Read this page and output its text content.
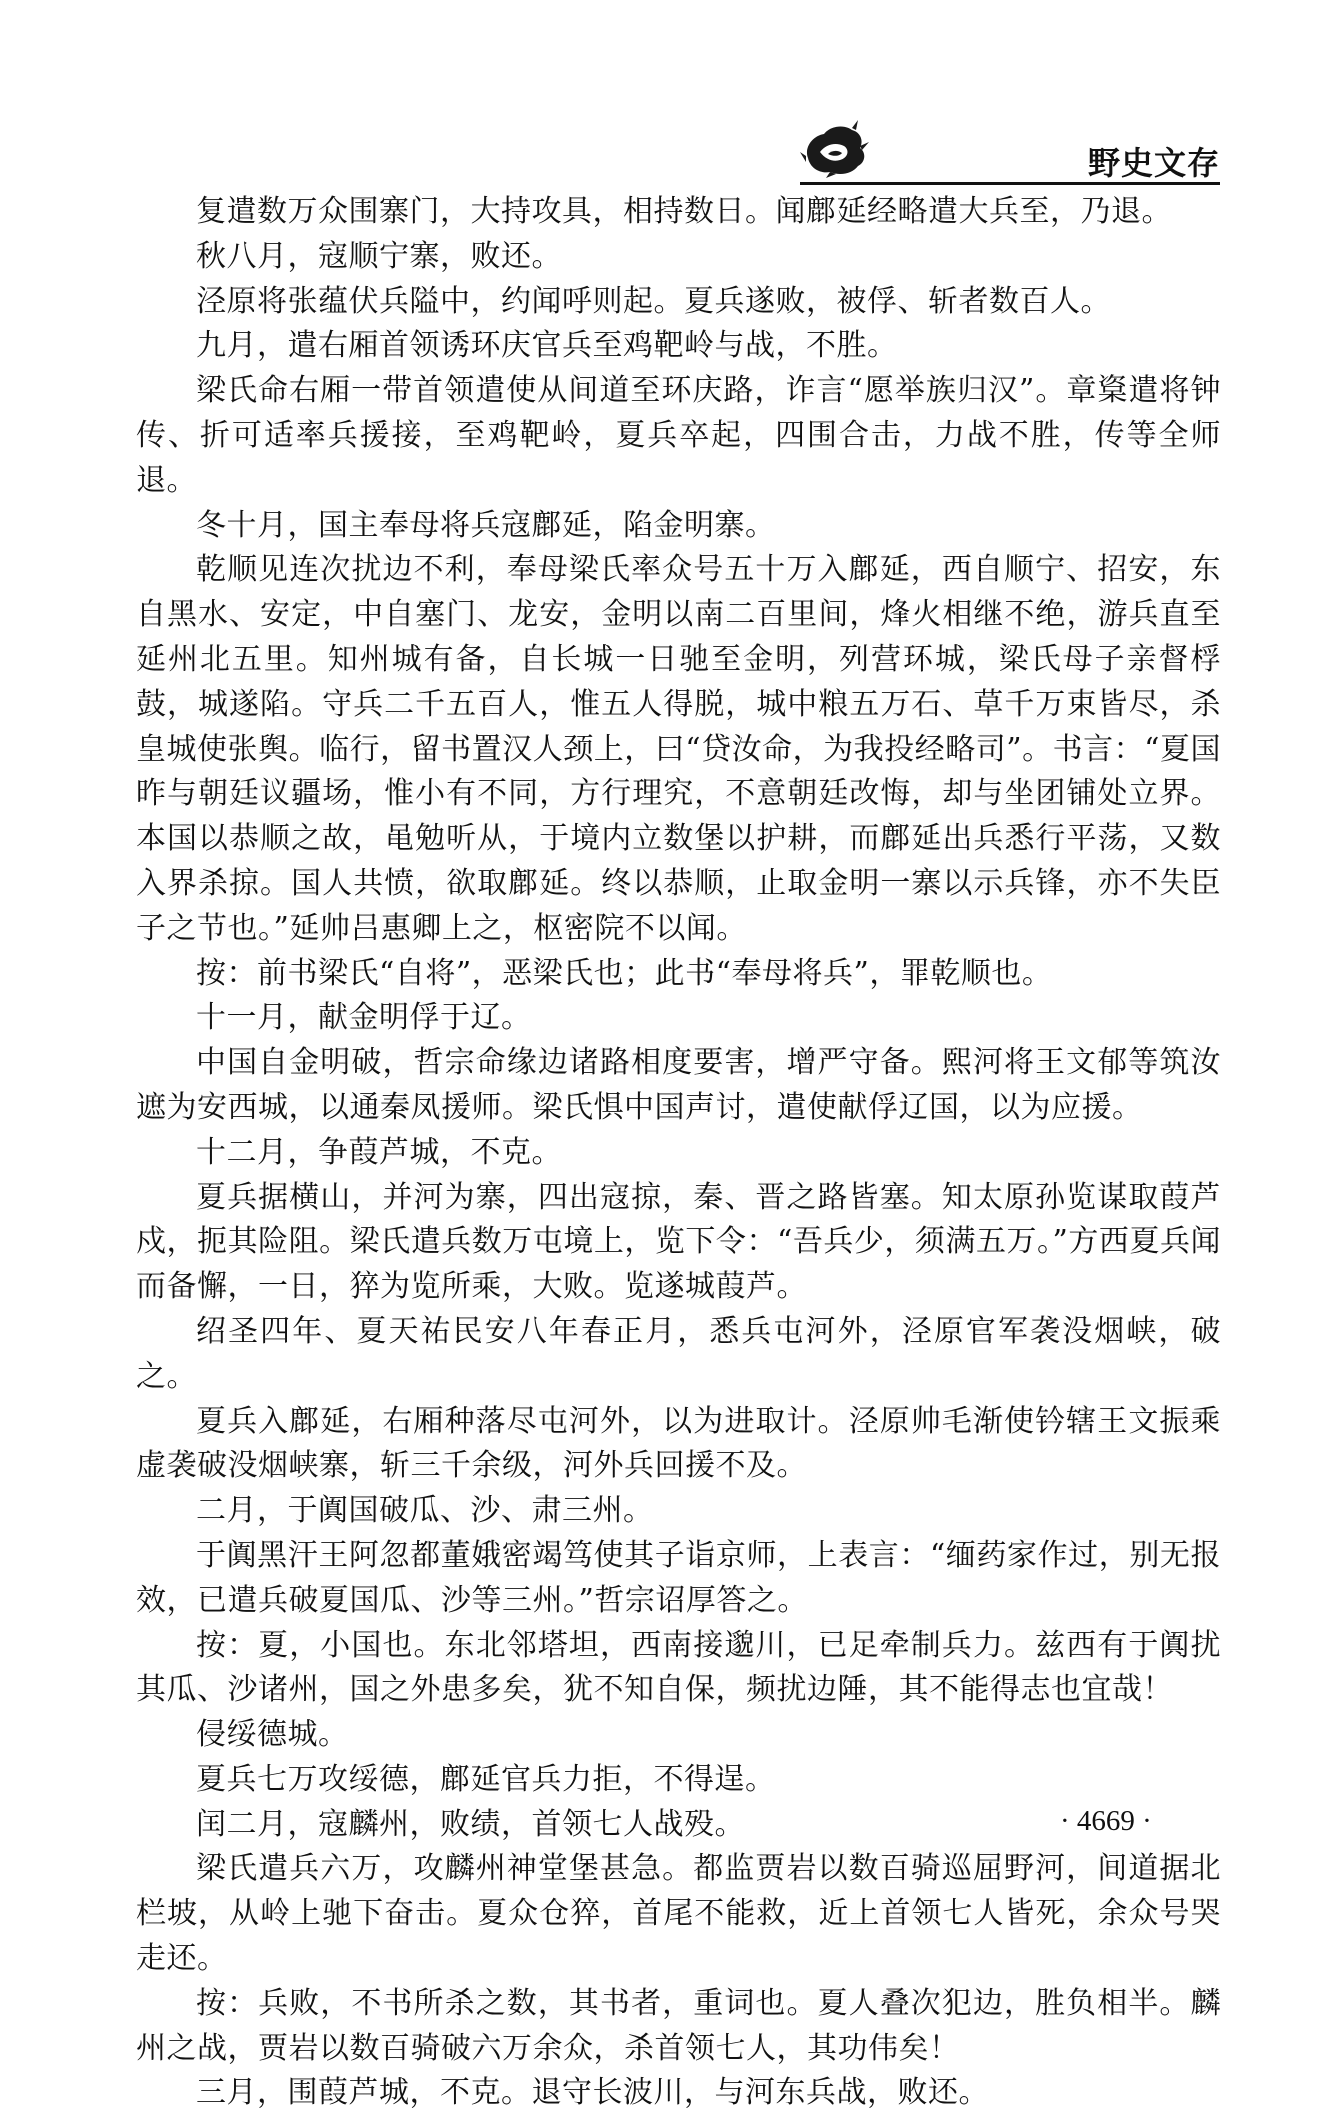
野史文存

复遣数万众围寨门，大持攻具，相持数日。闻鄜延经略遣大兵至，乃退。

秋八月，寇顺宁寨，败还。

泾原将张蕴伏兵隘中，约闻呼则起。夏兵遂败，被俘、斩者数百人。

九月，遣右厢首领诱环庆官兵至鸡靶岭与战，不胜。

梁氏命右厢一带首领遣使从间道至环庆路，诈言“愿举族归汉”。章楶遣将钟传、折可适率兵援接，至鸡靶岭，夏兵卒起，四围合击，力战不胜，传等全师退。

冬十月，国主奉母将兵寇鄜延，陷金明寨。

乾顺见连次扰边不利，奉母梁氏率众号五十万入鄜延，西自顺宁、招安，东自黑水、安定，中自塞门、龙安，金明以南二百里间，烽火相继不绝，游兵直至延州北五里。知州城有备，自长城一日驰至金明，列营环城，梁氏母子亲督桴鼓，城遂陷。守兵二千五百人，惟五人得脱，城中粮五万石、草千万束皆尽，杀皇城使张舆。临行，留书置汉人颈上，曰“贷汝命，为我投经略司”。书言：“夏国昨与朝廷议疆场，惟小有不同，方行理究，不意朝廷改悔，却与坐团铺处立界。本国以恭顺之故，黾勉听从，于境内立数堡以护耕，而鄜延出兵悉行平荡，又数入界杀掠。国人共愤，欲取鄜延。终以恭顺，止取金明一寨以示兵锋，亦不失臣子之节也。”延帅吕惠卿上之，枢密院不以闻。

按：前书梁氏“自将”，恶梁氏也；此书“奉母将兵”，罪乾顺也。

十一月，献金明俘于辽。

中国自金明破，哲宗命缘边诸路相度要害，增严守备。熙河将王文郁等筑汝遮为安西城，以通秦凤援师。梁氏惧中国声讨，遣使献俘辽国，以为应援。

十二月，争葭芦城，不克。

夏兵据横山，并河为寨，四出寇掠，秦、晋之路皆塞。知太原孙览谋取葭芦戍，扼其险阻。梁氏遣兵数万屯境上，览下令：“吾兵少，须满五万。”方西夏兵闻而备懈，一日，猝为览所乘，大败。览遂城葭芦。

绍圣四年、夏天祐民安八年春正月，悉兵屯河外，泾原官军袭没烟峡，破之。

夏兵入鄜延，右厢种落尽屯河外，以为进取计。泾原帅毛渐使钤辖王文振乘虚袭破没烟峡寨，斩三千余级，河外兵回援不及。

二月，于阗国破瓜、沙、肃三州。

于阗黑汗王阿忽都董娥密竭笃使其子诣京师，上表言：“缅药家作过，别无报效，已遣兵破夏国瓜、沙等三州。”哲宗诏厚答之。

按：夏，小国也。东北邻塔坦，西南接邈川，已足牵制兵力。兹西有于阗扰其瓜、沙诸州，国之外患多矣，犹不知自保，频扰边陲，其不能得志也宜哉！

侵绥德城。

夏兵七万攻绥德，鄜延官兵力拒，不得逞。

闰二月，寇麟州，败绩，首领七人战殁。

梁氏遣兵六万，攻麟州神堂堡甚急。都监贾岩以数百骑巡屈野河，间道据北栏坡，从岭上驰下奋击。夏众仓猝，首尾不能救，近上首领七人皆死，余众号哭走还。

按：兵败，不书所杀之数，其书者，重词也。夏人叠次犯边，胜负相半。麟州之战，贾岩以数百骑破六万余众，杀首领七人，其功伟矣！

三月，围葭芦城，不克。退守长波川，与河东兵战，败还。

· 4669 ·
